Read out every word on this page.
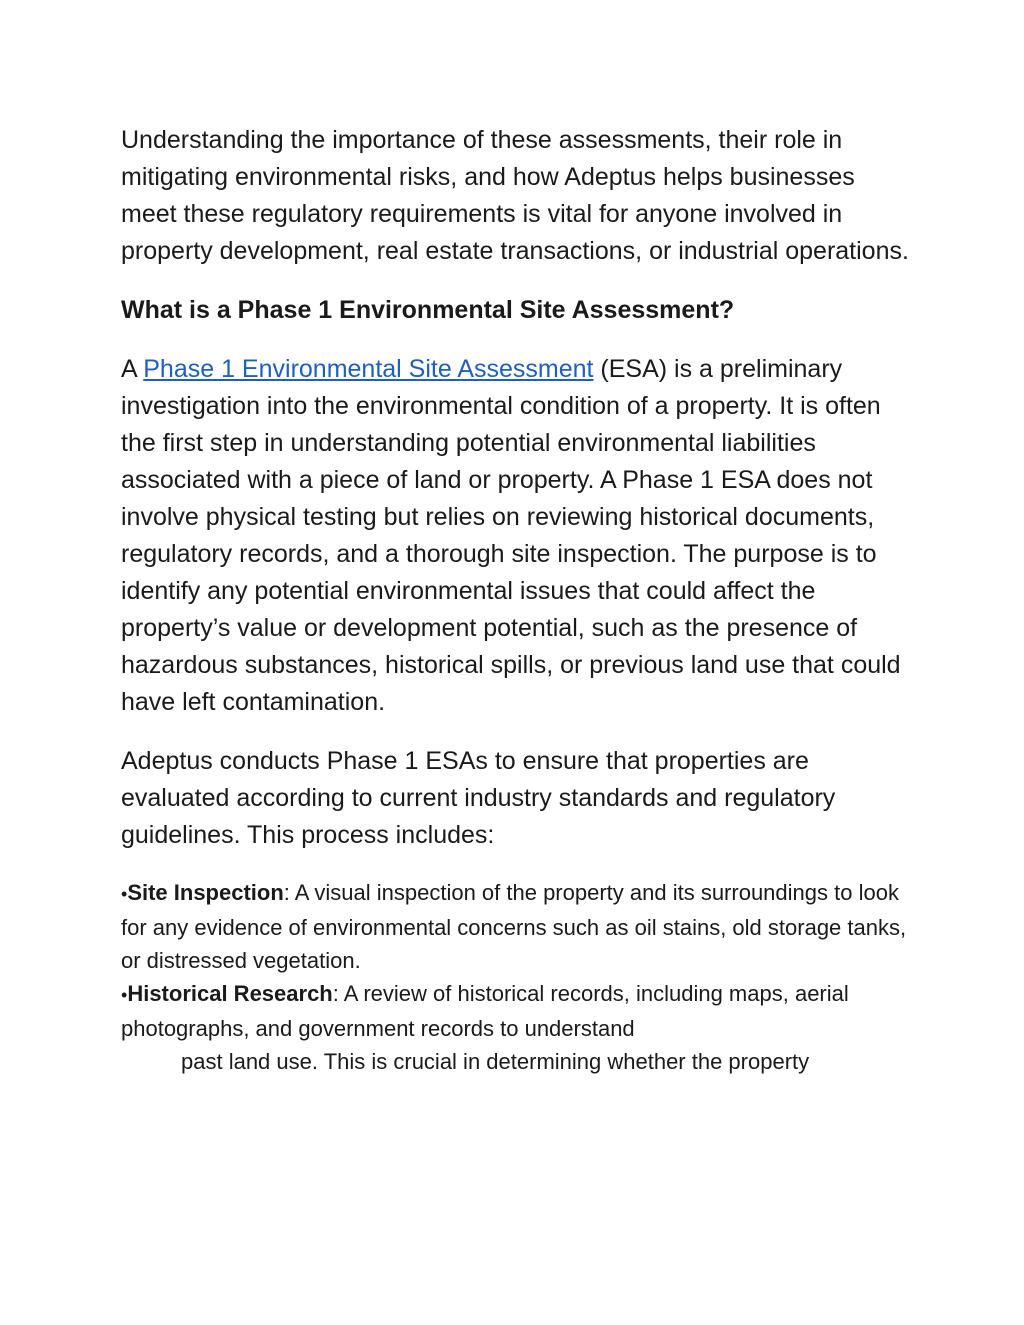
Understanding the importance of these assessments, their role in mitigating environmental risks, and how Adeptus helps businesses meet these regulatory requirements is vital for anyone involved in property development, real estate transactions, or industrial operations.

What is a Phase 1 Environmental Site Assessment?

A Phase 1 Environmental Site Assessment (ESA) is a preliminary investigation into the environmental condition of a property. It is often the first step in understanding potential environmental liabilities associated with a piece of land or property. A Phase 1 ESA does not involve physical testing but relies on reviewing historical documents, regulatory records, and a thorough site inspection. The purpose is to identify any potential environmental issues that could affect the property’s value or development potential, such as the presence of hazardous substances, historical spills, or previous land use that could have left contamination.

Adeptus conducts Phase 1 ESAs to ensure that properties are evaluated according to current industry standards and regulatory guidelines. This process includes:

•Site Inspection: A visual inspection of the property and its surroundings to look for any evidence of environmental concerns such as oil stains, old storage tanks, or distressed vegetation.

•Historical Research: A review of historical records, including maps, aerial photographs, and government records to understand

past land use. This is crucial in determining whether the property
